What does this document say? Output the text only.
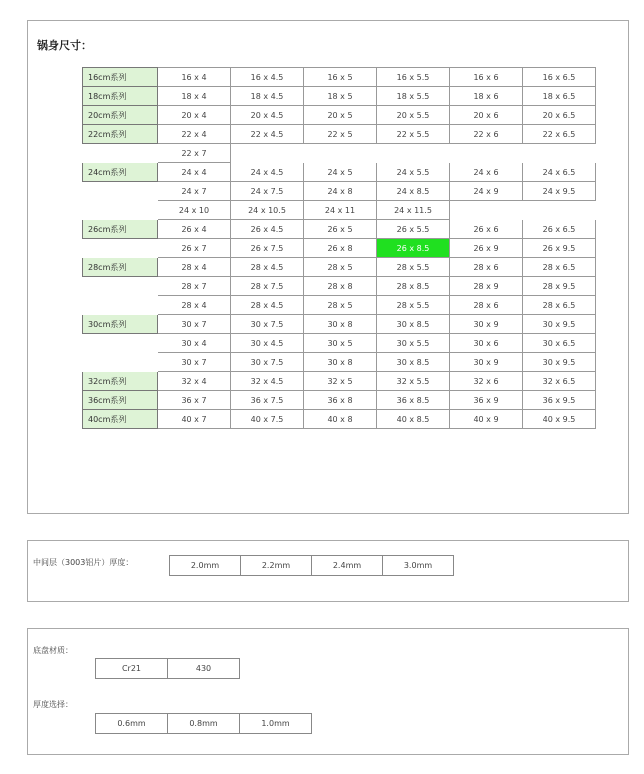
锅身尺寸：
16cm系列	16 x 4	16 x 4.5	16 x 5	16 x 5.5	16 x 6	16 x 6.5
18cm系列	18 x 4	18 x 4.5	18 x 5	18 x 5.5	18 x 6	18 x 6.5
20cm系列	20 x 4	20 x 4.5	20 x 5	20 x 5.5	20 x 6	20 x 6.5
22cm系列	22 x 4	22 x 4.5	22 x 5	22 x 5.5	22 x 6	22 x 6.5
	22 x 7					
24cm系列	24 x 4	24 x 4.5	24 x 5	24 x 5.5	24 x 6	24 x 6.5
	24 x 7	24 x 7.5	24 x 8	24 x 8.5	24 x 9	24 x 9.5
	24 x 10	24 x 10.5	24 x 11	24 x 11.5		
26cm系列	26 x 4	26 x 4.5	26 x 5	26 x 5.5	26 x 6	26 x 6.5
	26 x 7	26 x 7.5	26 x 8	26 x 8.5	26 x 9	26 x 9.5
28cm系列	28 x 4	28 x 4.5	28 x 5	28 x 5.5	28 x 6	28 x 6.5
	28 x 7	28 x 7.5	28 x 8	28 x 8.5	28 x 9	28 x 9.5
	28 x 4	28 x 4.5	28 x 5	28 x 5.5	28 x 6	28 x 6.5
30cm系列	30 x 7	30 x 7.5	30 x 8	30 x 8.5	30 x 9	30 x 9.5
	30 x 4	30 x 4.5	30 x 5	30 x 5.5	30 x 6	30 x 6.5
	30 x 7	30 x 7.5	30 x 8	30 x 8.5	30 x 9	30 x 9.5
32cm系列	32 x 4	32 x 4.5	32 x 5	32 x 5.5	32 x 6	32 x 6.5
36cm系列	36 x 7	36 x 7.5	36 x 8	36 x 8.5	36 x 9	36 x 9.5
40cm系列	40 x 7	40 x 7.5	40 x 8	40 x 8.5	40 x 9	40 x 9.5
中间层（3003铝片）厚度：	2.0mm	2.2mm	2.4mm	3.0mm
底盘材质：
Cr21	430
厚度选择：
0.6mm	0.8mm	1.0mm
